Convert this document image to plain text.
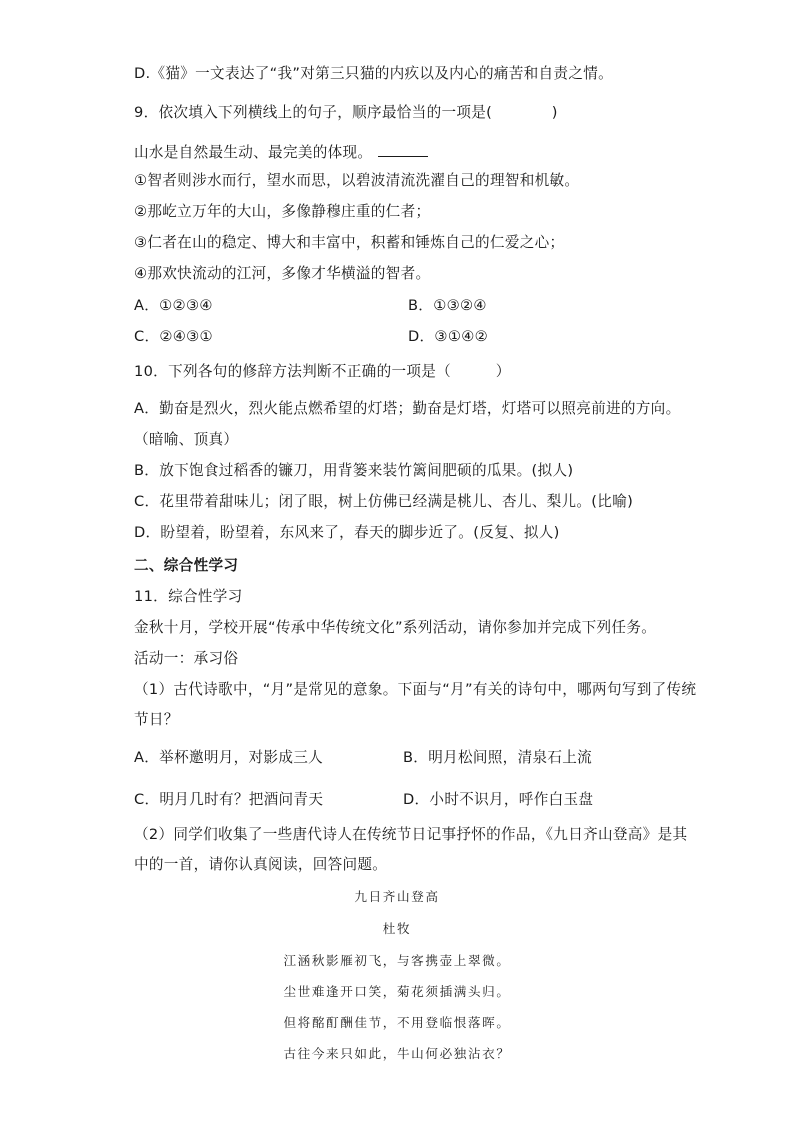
D.《猫》一文表达了“我”对第三只猫的内疚以及内心的痛苦和自责之情。
9．依次填入下列横线上的句子，顺序最恰当的一项是(　　　　)
山水是自然最生动、最完美的体现。
①智者则涉水而行，望水而思，以碧波清流洗濯自己的理智和机敏。
②那屹立万年的大山，多像静穆庄重的仁者；
③仁者在山的稳定、博大和丰富中，积蓄和锤炼自己的仁爱之心；
④那欢快流动的江河，多像才华横溢的智者。
A．①②③④	B．①③②④
C．②④③①	D．③①④②
10．下列各句的修辞方法判断不正确的一项是（　　　）
A．勤奋是烈火，烈火能点燃希望的灯塔；勤奋是灯塔，灯塔可以照亮前进的方向。
（暗喻、顶真）
B．放下饱食过稻香的镰刀，用背篓来装竹篱间肥硕的瓜果。(拟人)
C．花里带着甜味儿；闭了眼，树上仿佛已经满是桃儿、杏儿、梨儿。(比喻)
D．盼望着，盼望着，东风来了，春天的脚步近了。(反复、拟人)
二、综合性学习
11．综合性学习
金秋十月，学校开展“传承中华传统文化”系列活动，请你参加并完成下列任务。
活动一：承习俗
（1）古代诗歌中，“月”是常见的意象。下面与“月”有关的诗句中，哪两句写到了传统
节日？
A．举杯邀明月，对影成三人	B．明月松间照，清泉石上流
C．明月几时有？把酒问青天	D．小时不识月，呼作白玉盘
（2）同学们收集了一些唐代诗人在传统节日记事抒怀的作品，《九日齐山登高》是其
中的一首，请你认真阅读，回答问题。
九日齐山登高
杜牧
江涵秋影雁初飞，与客携壶上翠微。
尘世难逢开口笑，菊花须插满头归。
但将酩酊酬佳节，不用登临恨落晖。
古往今来只如此，牛山何必独沾衣？
